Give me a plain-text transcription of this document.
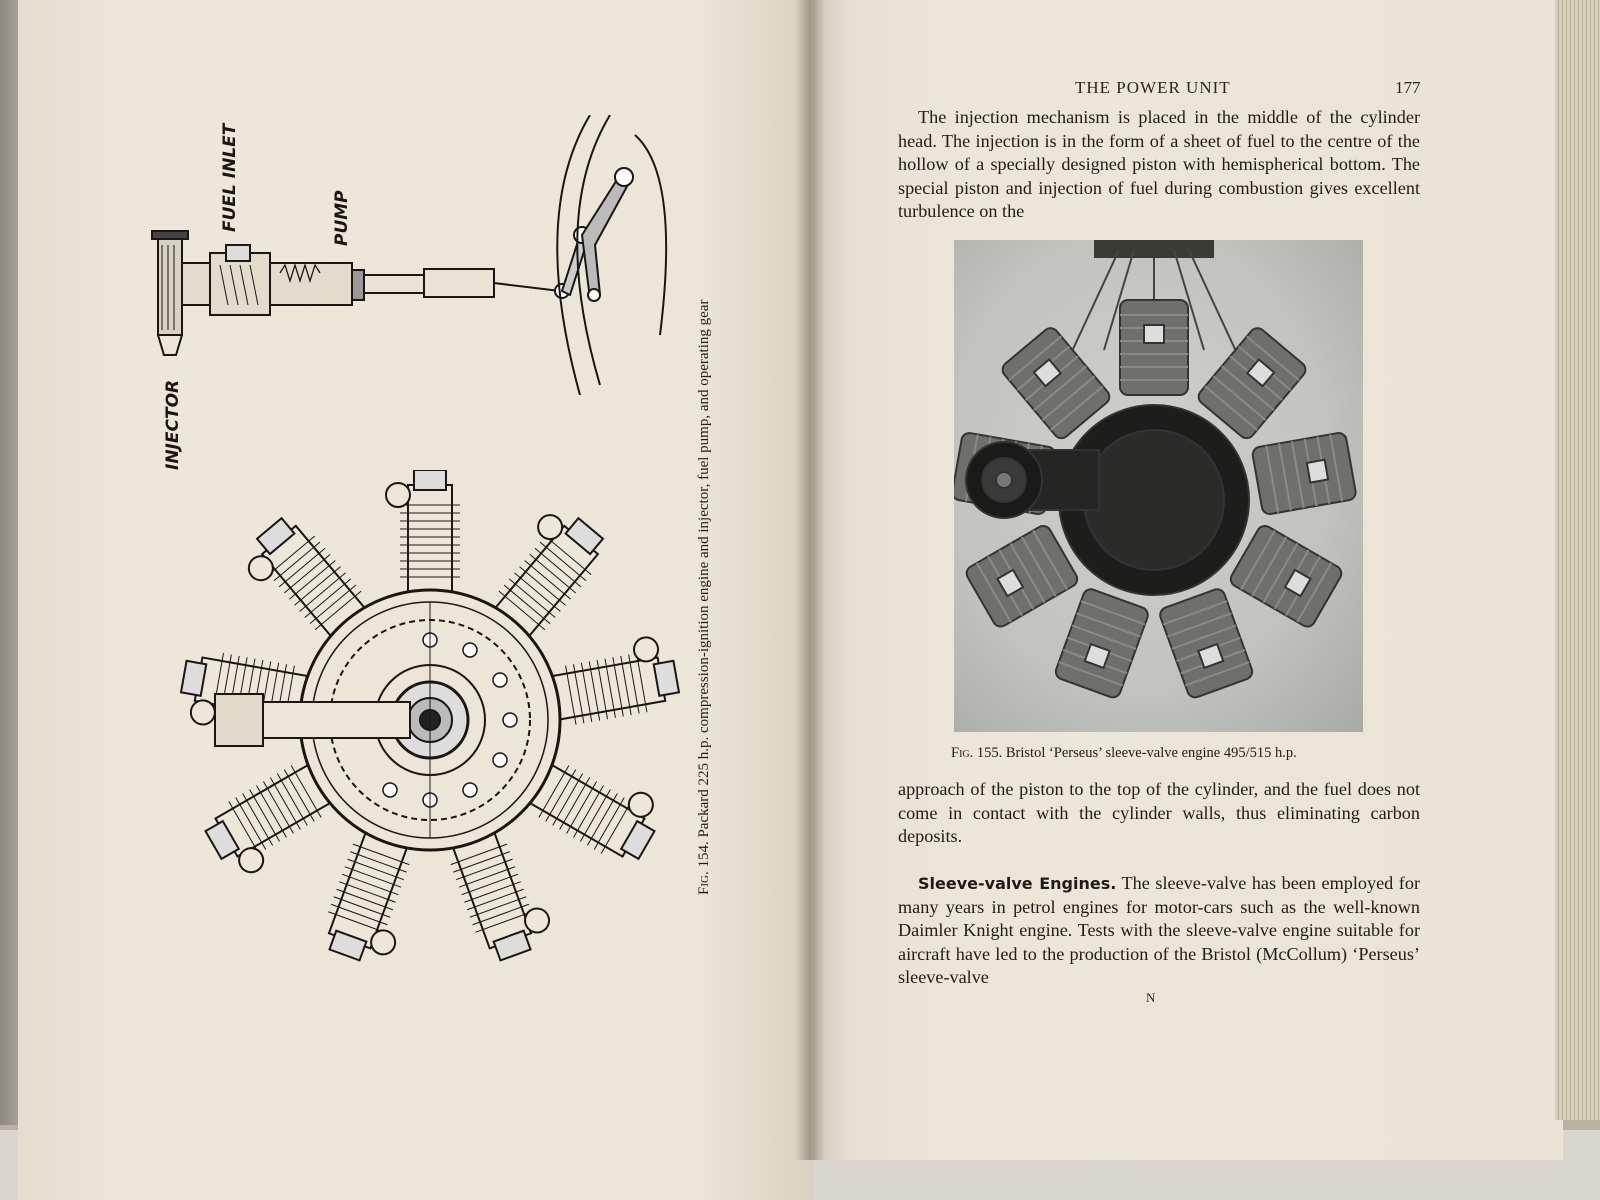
INJECTOR
FUEL INLET	PUMP
Fig. 154. Packard 225 h.p. compression-ignition engine and injector, fuel pump, and operating gear
THE POWER UNIT	177

The injection mechanism is placed in the middle of the cylinder head. The injection is in the form of a sheet of fuel to the centre of the hollow of a specially designed piston with hemispherical bottom. The special piston and injection of fuel during combustion gives excellent turbulence on the

Fig. 155. Bristol ‘Perseus’ sleeve-valve engine 495/515 h.p.

approach of the piston to the top of the cylinder, and the fuel does not come in contact with the cylinder walls, thus eliminating carbon deposits.

Sleeve-valve Engines. The sleeve-valve has been employed for many years in petrol engines for motor-cars such as the well-known Daimler Knight engine. Tests with the sleeve-valve engine suitable for aircraft have led to the production of the Bristol (McCollum) ‘Perseus’ sleeve-valve

N
